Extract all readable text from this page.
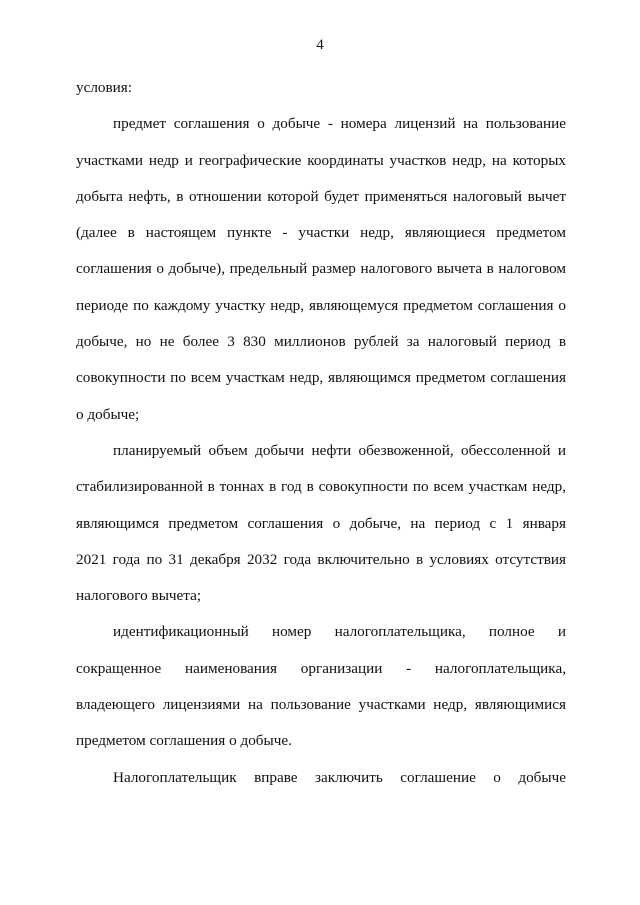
4
условия:
предмет соглашения о добыче - номера лицензий на пользование
участками недр и географические координаты участков недр, на которых
добыта нефть, в отношении которой будет применяться налоговый вычет
(далее в настоящем пункте - участки недр, являющиеся предметом
соглашения о добыче), предельный размер налогового вычета в налоговом
периоде по каждому участку недр, являющемуся предметом соглашения о
добыче, но не более 3 830 миллионов рублей за налоговый период в
совокупности по всем участкам недр, являющимся предметом соглашения
о добыче;
планируемый объем добычи нефти обезвоженной, обессоленной и
стабилизированной в тоннах в год в совокупности по всем участкам недр,
являющимся предметом соглашения о добыче, на период с 1 января
2021 года по 31 декабря 2032 года включительно в условиях отсутствия
налогового вычета;
идентификационный номер налогоплательщика, полное и
сокращенное наименования организации - налогоплательщика,
владеющего лицензиями на пользование участками недр, являющимися
предметом соглашения о добыче.
Налогоплательщик вправе заключить соглашение о добыче
